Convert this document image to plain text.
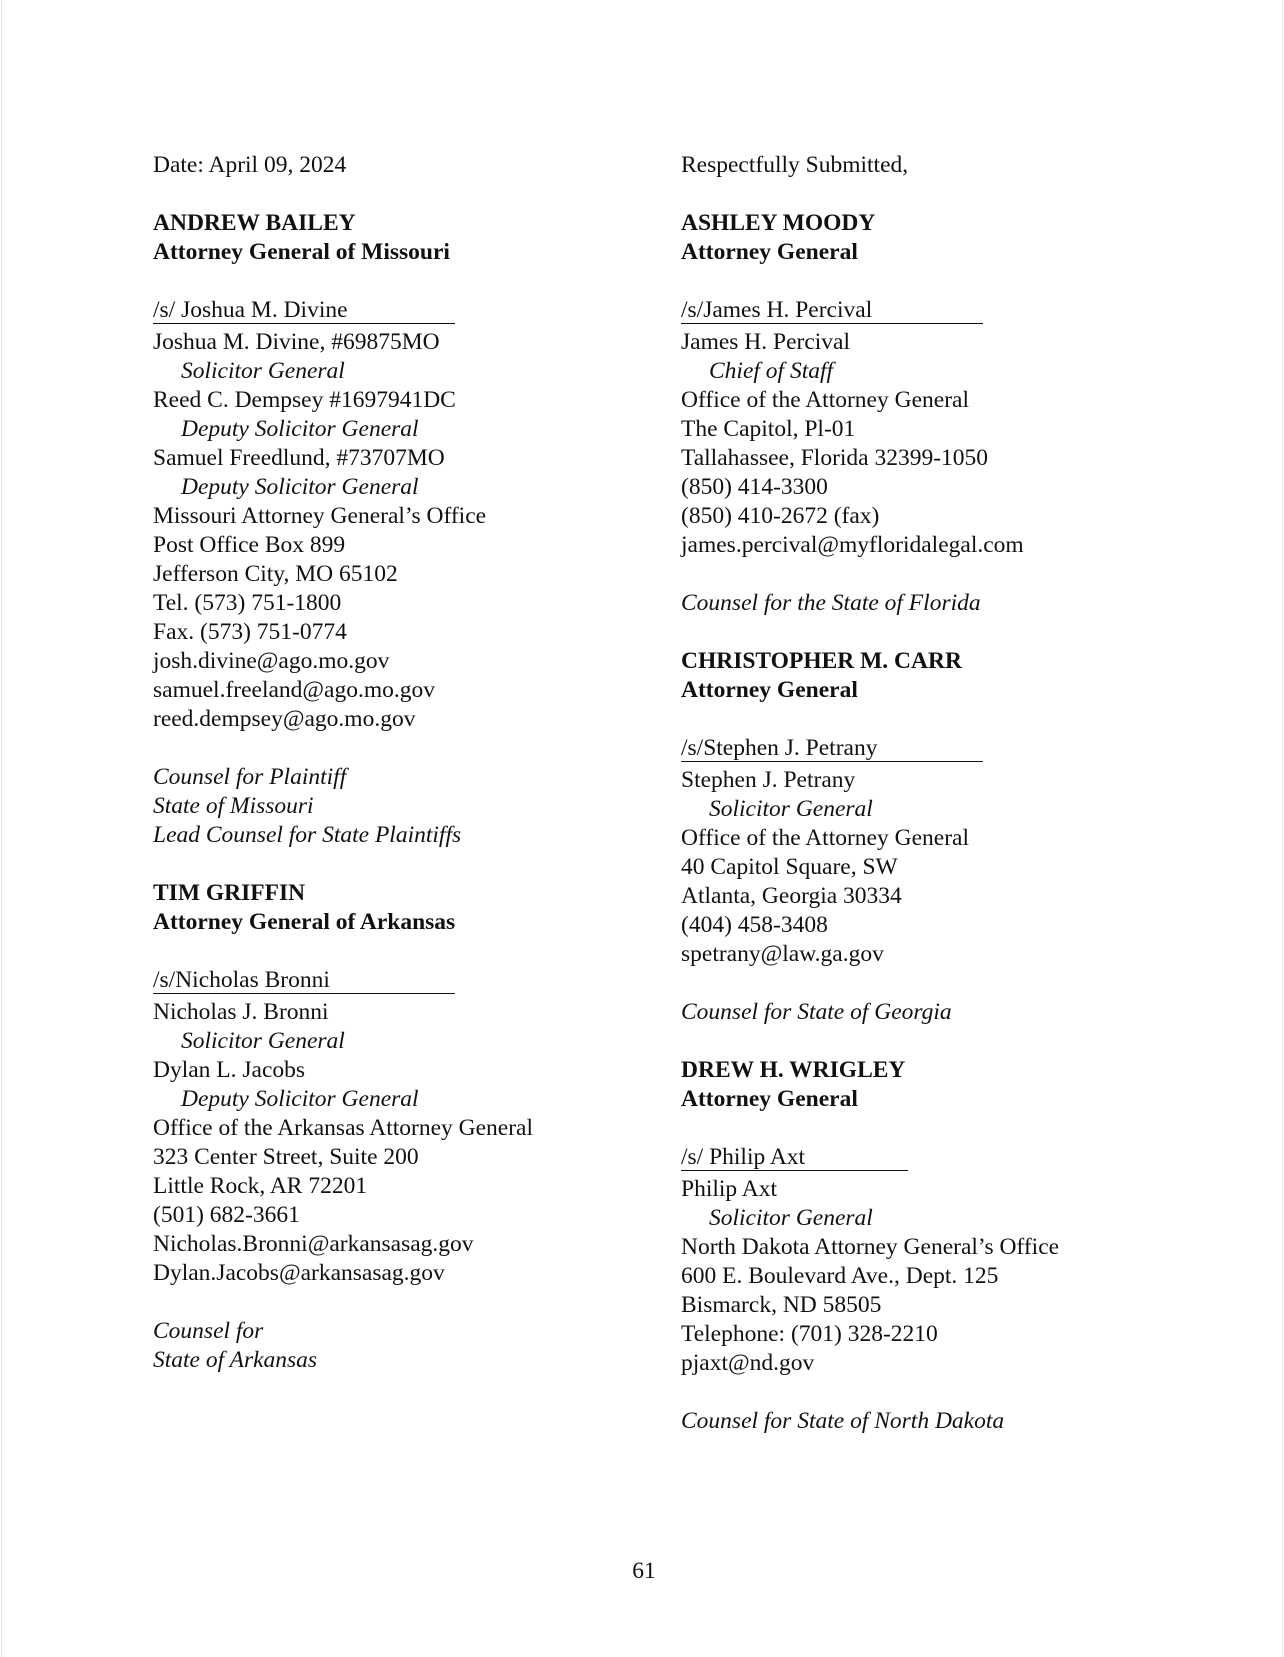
Date: April 09, 2024
ANDREW BAILEY
Attorney General of Missouri
/s/ Joshua M. Divine
Joshua M. Divine, #69875MO
Solicitor General
Reed C. Dempsey #1697941DC
Deputy Solicitor General
Samuel Freedlund, #73707MO
Deputy Solicitor General
Missouri Attorney General’s Office
Post Office Box 899
Jefferson City, MO 65102
Tel. (573) 751-1800
Fax. (573) 751-0774
josh.divine@ago.mo.gov
samuel.freeland@ago.mo.gov
reed.dempsey@ago.mo.gov
Counsel for Plaintiff
State of Missouri
Lead Counsel for State Plaintiffs
TIM GRIFFIN
Attorney General of Arkansas
/s/Nicholas Bronni
Nicholas J. Bronni
Solicitor General
Dylan L. Jacobs
Deputy Solicitor General
Office of the Arkansas Attorney General
323 Center Street, Suite 200
Little Rock, AR 72201
(501) 682-3661
Nicholas.Bronni@arkansasag.gov
Dylan.Jacobs@arkansasag.gov
Counsel for
State of Arkansas
Respectfully Submitted,
ASHLEY MOODY
Attorney General
/s/James H. Percival
James H. Percival
Chief of Staff
Office of the Attorney General
The Capitol, Pl-01
Tallahassee, Florida 32399-1050
(850) 414-3300
(850) 410-2672 (fax)
james.percival@myfloridalegal.com
Counsel for the State of Florida
CHRISTOPHER M. CARR
Attorney General
/s/Stephen J. Petrany
Stephen J. Petrany
Solicitor General
Office of the Attorney General
40 Capitol Square, SW
Atlanta, Georgia 30334
(404) 458-3408
spetrany@law.ga.gov
Counsel for State of Georgia
DREW H. WRIGLEY
Attorney General
/s/ Philip Axt
Philip Axt
Solicitor General
North Dakota Attorney General’s Office
600 E. Boulevard Ave., Dept. 125
Bismarck, ND 58505
Telephone: (701) 328-2210
pjaxt@nd.gov
Counsel for State of North Dakota
61
